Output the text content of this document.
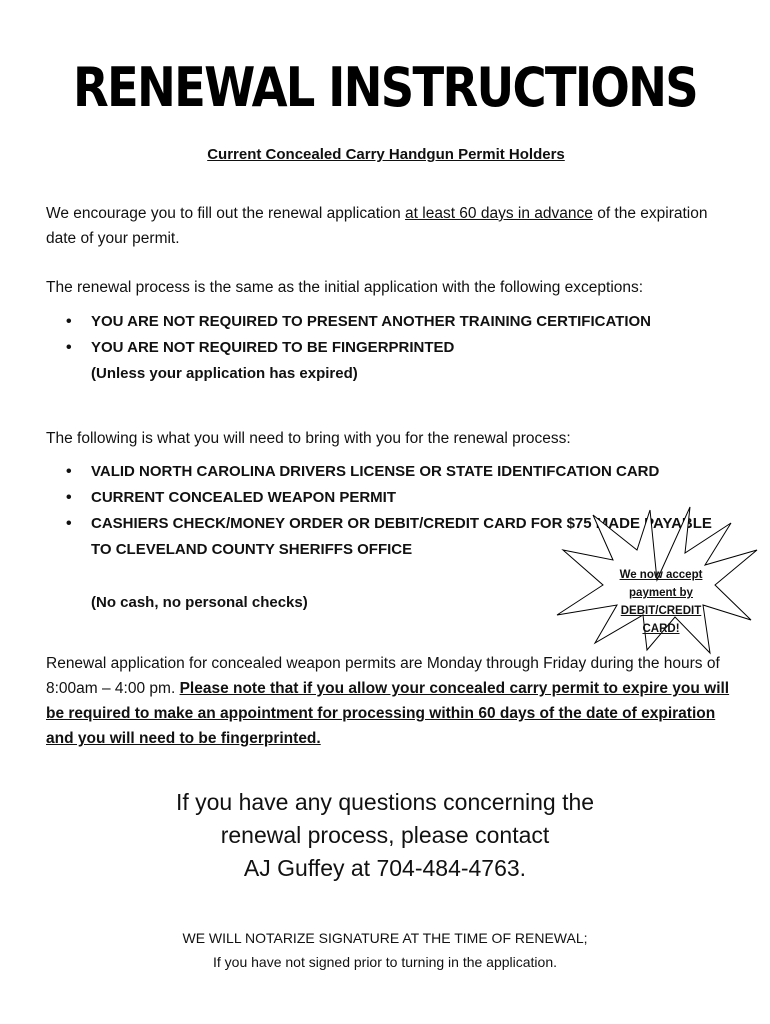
RENEWAL INSTRUCTIONS
Current Concealed Carry Handgun Permit Holders
We encourage you to fill out the renewal application at least 60 days in advance of the expiration date of your permit.
The renewal process is the same as the initial application with the following exceptions:
• YOU ARE NOT REQUIRED TO PRESENT ANOTHER TRAINING CERTIFICATION
• YOU ARE NOT REQUIRED TO BE FINGERPRINTED
(Unless your application has expired)
The following is what you will need to bring with you for the renewal process:
• VALID NORTH CAROLINA DRIVERS LICENSE OR STATE IDENTIFCATION CARD
• CURRENT CONCEALED WEAPON PERMIT
• CASHIERS CHECK/MONEY ORDER OR DEBIT/CREDIT CARD FOR $75 MADE PAYABLE TO CLEVELAND COUNTY SHERIFFS OFFICE
(No cash, no personal checks)
We now accept
payment by
DEBIT/CREDIT
CARD!
Renewal application for concealed weapon permits are Monday through Friday during the hours of 8:00am – 4:00 pm. Please note that if you allow your concealed carry permit to expire you will be required to make an appointment for processing within 60 days of the date of expiration and you will need to be fingerprinted.
If you have any questions concerning the
renewal process, please contact
AJ Guffey at 704-484-4763.
WE WILL NOTARIZE SIGNATURE AT THE TIME OF RENEWAL;
If you have not signed prior to turning in the application.
